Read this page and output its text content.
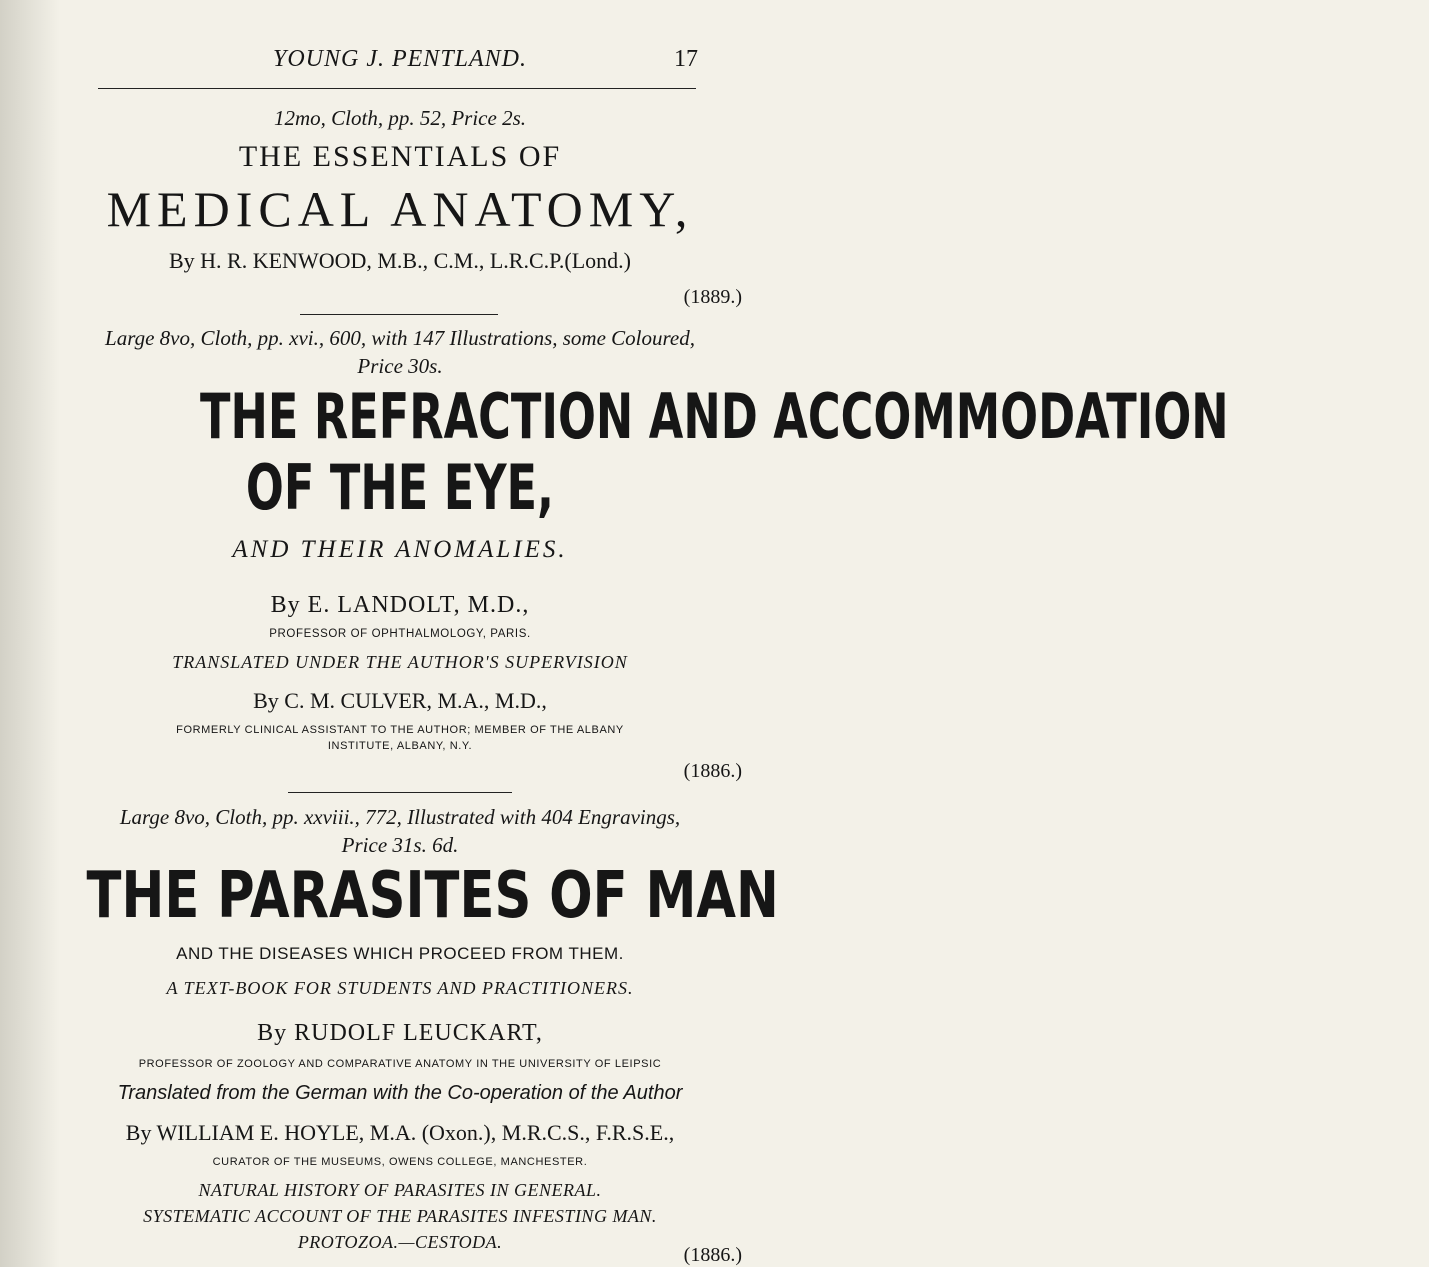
YOUNG J. PENTLAND.	17
12mo, Cloth, pp. 52, Price 2s.
THE ESSENTIALS OF
MEDICAL ANATOMY,
By H. R. KENWOOD, M.B., C.M., L.R.C.P.(Lond.)
(1889.)
Large 8vo, Cloth, pp. xvi., 600, with 147 Illustrations, some Coloured,
Price 30s.
THE REFRACTION AND ACCOMMODATION
OF THE EYE,
AND THEIR ANOMALIES.
By E. LANDOLT, M.D.,
PROFESSOR OF OPHTHALMOLOGY, PARIS.
TRANSLATED UNDER THE AUTHOR'S SUPERVISION
By C. M. CULVER, M.A., M.D.,
FORMERLY CLINICAL ASSISTANT TO THE AUTHOR; MEMBER OF THE ALBANY
INSTITUTE, ALBANY, N.Y.
(1886.)
Large 8vo, Cloth, pp. xxviii., 772, Illustrated with 404 Engravings,
Price 31s. 6d.
THE PARASITES OF MAN
AND THE DISEASES WHICH PROCEED FROM THEM.
A TEXT-BOOK FOR STUDENTS AND PRACTITIONERS.
By RUDOLF LEUCKART,
PROFESSOR OF ZOOLOGY AND COMPARATIVE ANATOMY IN THE UNIVERSITY OF LEIPSIC
Translated from the German with the Co-operation of the Author
By WILLIAM E. HOYLE, M.A. (Oxon.), M.R.C.S., F.R.S.E.,
CURATOR OF THE MUSEUMS, OWENS COLLEGE, MANCHESTER.
NATURAL HISTORY OF PARASITES IN GENERAL.
SYSTEMATIC ACCOUNT OF THE PARASITES INFESTING MAN.
PROTOZOA.—CESTODA.
(1886.)
